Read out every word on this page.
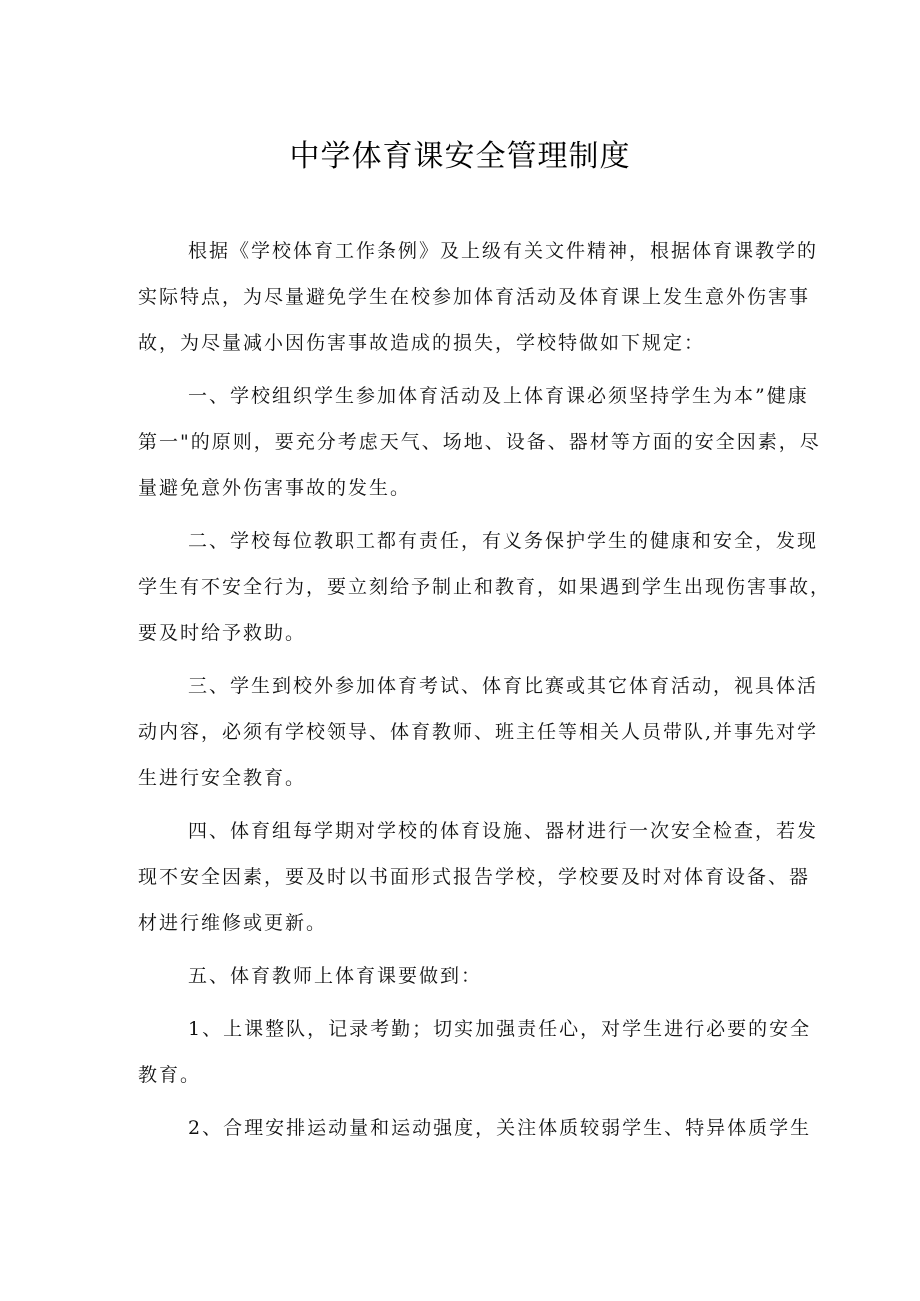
中学体育课安全管理制度
根据《学校体育工作条例》及上级有关文件精神，根据体育课教学的
实际特点，为尽量避免学生在校参加体育活动及体育课上发生意外伤害事
故，为尽量减小因伤害事故造成的损失，学校特做如下规定：
一、学校组织学生参加体育活动及上体育课必须坚持学生为本”健康
第一"的原则，要充分考虑天气、场地、设备、器材等方面的安全因素，尽
量避免意外伤害事故的发生。
二、学校每位教职工都有责任，有义务保护学生的健康和安全，发现
学生有不安全行为，要立刻给予制止和教育，如果遇到学生出现伤害事故，
要及时给予救助。
三、学生到校外参加体育考试、体育比赛或其它体育活动，视具体活
动内容，必须有学校领导、体育教师、班主任等相关人员带队,并事先对学
生进行安全教育。
四、体育组每学期对学校的体育设施、器材进行一次安全检查，若发
现不安全因素，要及时以书面形式报告学校，学校要及时对体育设备、器
材进行维修或更新。
五、体育教师上体育课要做到：
1、上课整队，记录考勤；切实加强责任心，对学生进行必要的安全
教育。
2、合理安排运动量和运动强度，关注体质较弱学生、特异体质学生
